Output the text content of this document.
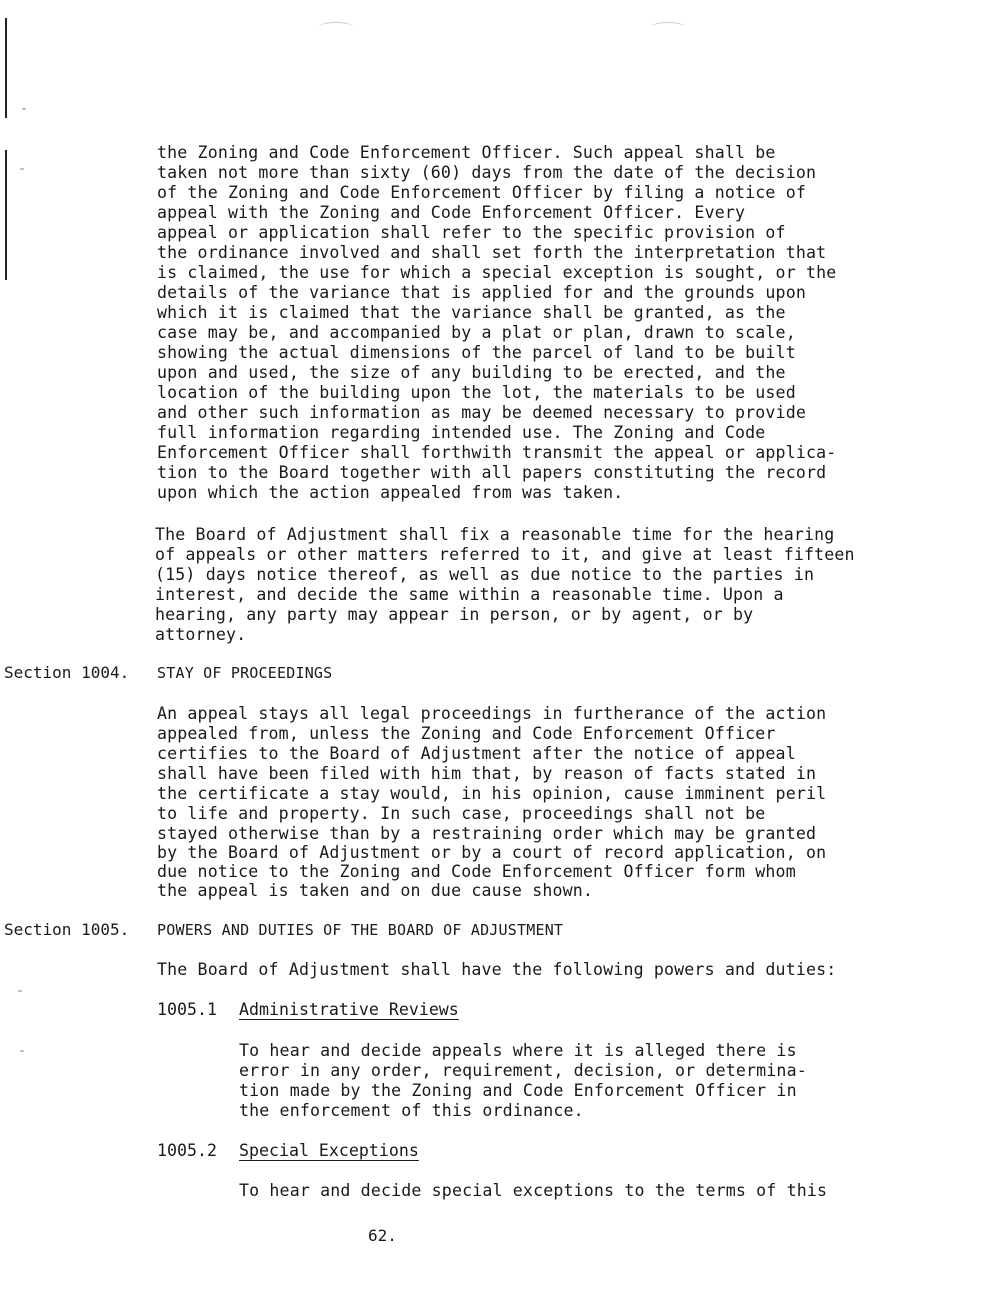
the Zoning and Code Enforcement Officer. Such appeal shall be
taken not more than sixty (60) days from the date of the decision
of the Zoning and Code Enforcement Officer by filing a notice of
appeal with the Zoning and Code Enforcement Officer. Every
appeal or application shall refer to the specific provision of
the ordinance involved and shall set forth the interpretation that
is claimed, the use for which a special exception is sought, or the
details of the variance that is applied for and the grounds upon
which it is claimed that the variance shall be granted, as the
case may be, and accompanied by a plat or plan, drawn to scale,
showing the actual dimensions of the parcel of land to be built
upon and used, the size of any building to be erected, and the
location of the building upon the lot, the materials to be used
and other such information as may be deemed necessary to provide
full information regarding intended use. The Zoning and Code
Enforcement Officer shall forthwith transmit the appeal or applica-
tion to the Board together with all papers constituting the record
upon which the action appealed from was taken.
The Board of Adjustment shall fix a reasonable time for the hearing
of appeals or other matters referred to it, and give at least fifteen
(15) days notice thereof, as well as due notice to the parties in
interest, and decide the same within a reasonable time. Upon a
hearing, any party may appear in person, or by agent, or by
attorney.
Section 1004. STAY OF PROCEEDINGS
An appeal stays all legal proceedings in furtherance of the action
appealed from, unless the Zoning and Code Enforcement Officer
certifies to the Board of Adjustment after the notice of appeal
shall have been filed with him that, by reason of facts stated in
the certificate a stay would, in his opinion, cause imminent peril
to life and property. In such case, proceedings shall not be
stayed otherwise than by a restraining order which may be granted
by the Board of Adjustment or by a court of record application, on
due notice to the Zoning and Code Enforcement Officer form whom
the appeal is taken and on due cause shown.
Section 1005. POWERS AND DUTIES OF THE BOARD OF ADJUSTMENT
The Board of Adjustment shall have the following powers and duties:
1005.1 Administrative Reviews
To hear and decide appeals where it is alleged there is
error in any order, requirement, decision, or determina-
tion made by the Zoning and Code Enforcement Officer in
the enforcement of this ordinance.
1005.2 Special Exceptions
To hear and decide special exceptions to the terms of this
62.
